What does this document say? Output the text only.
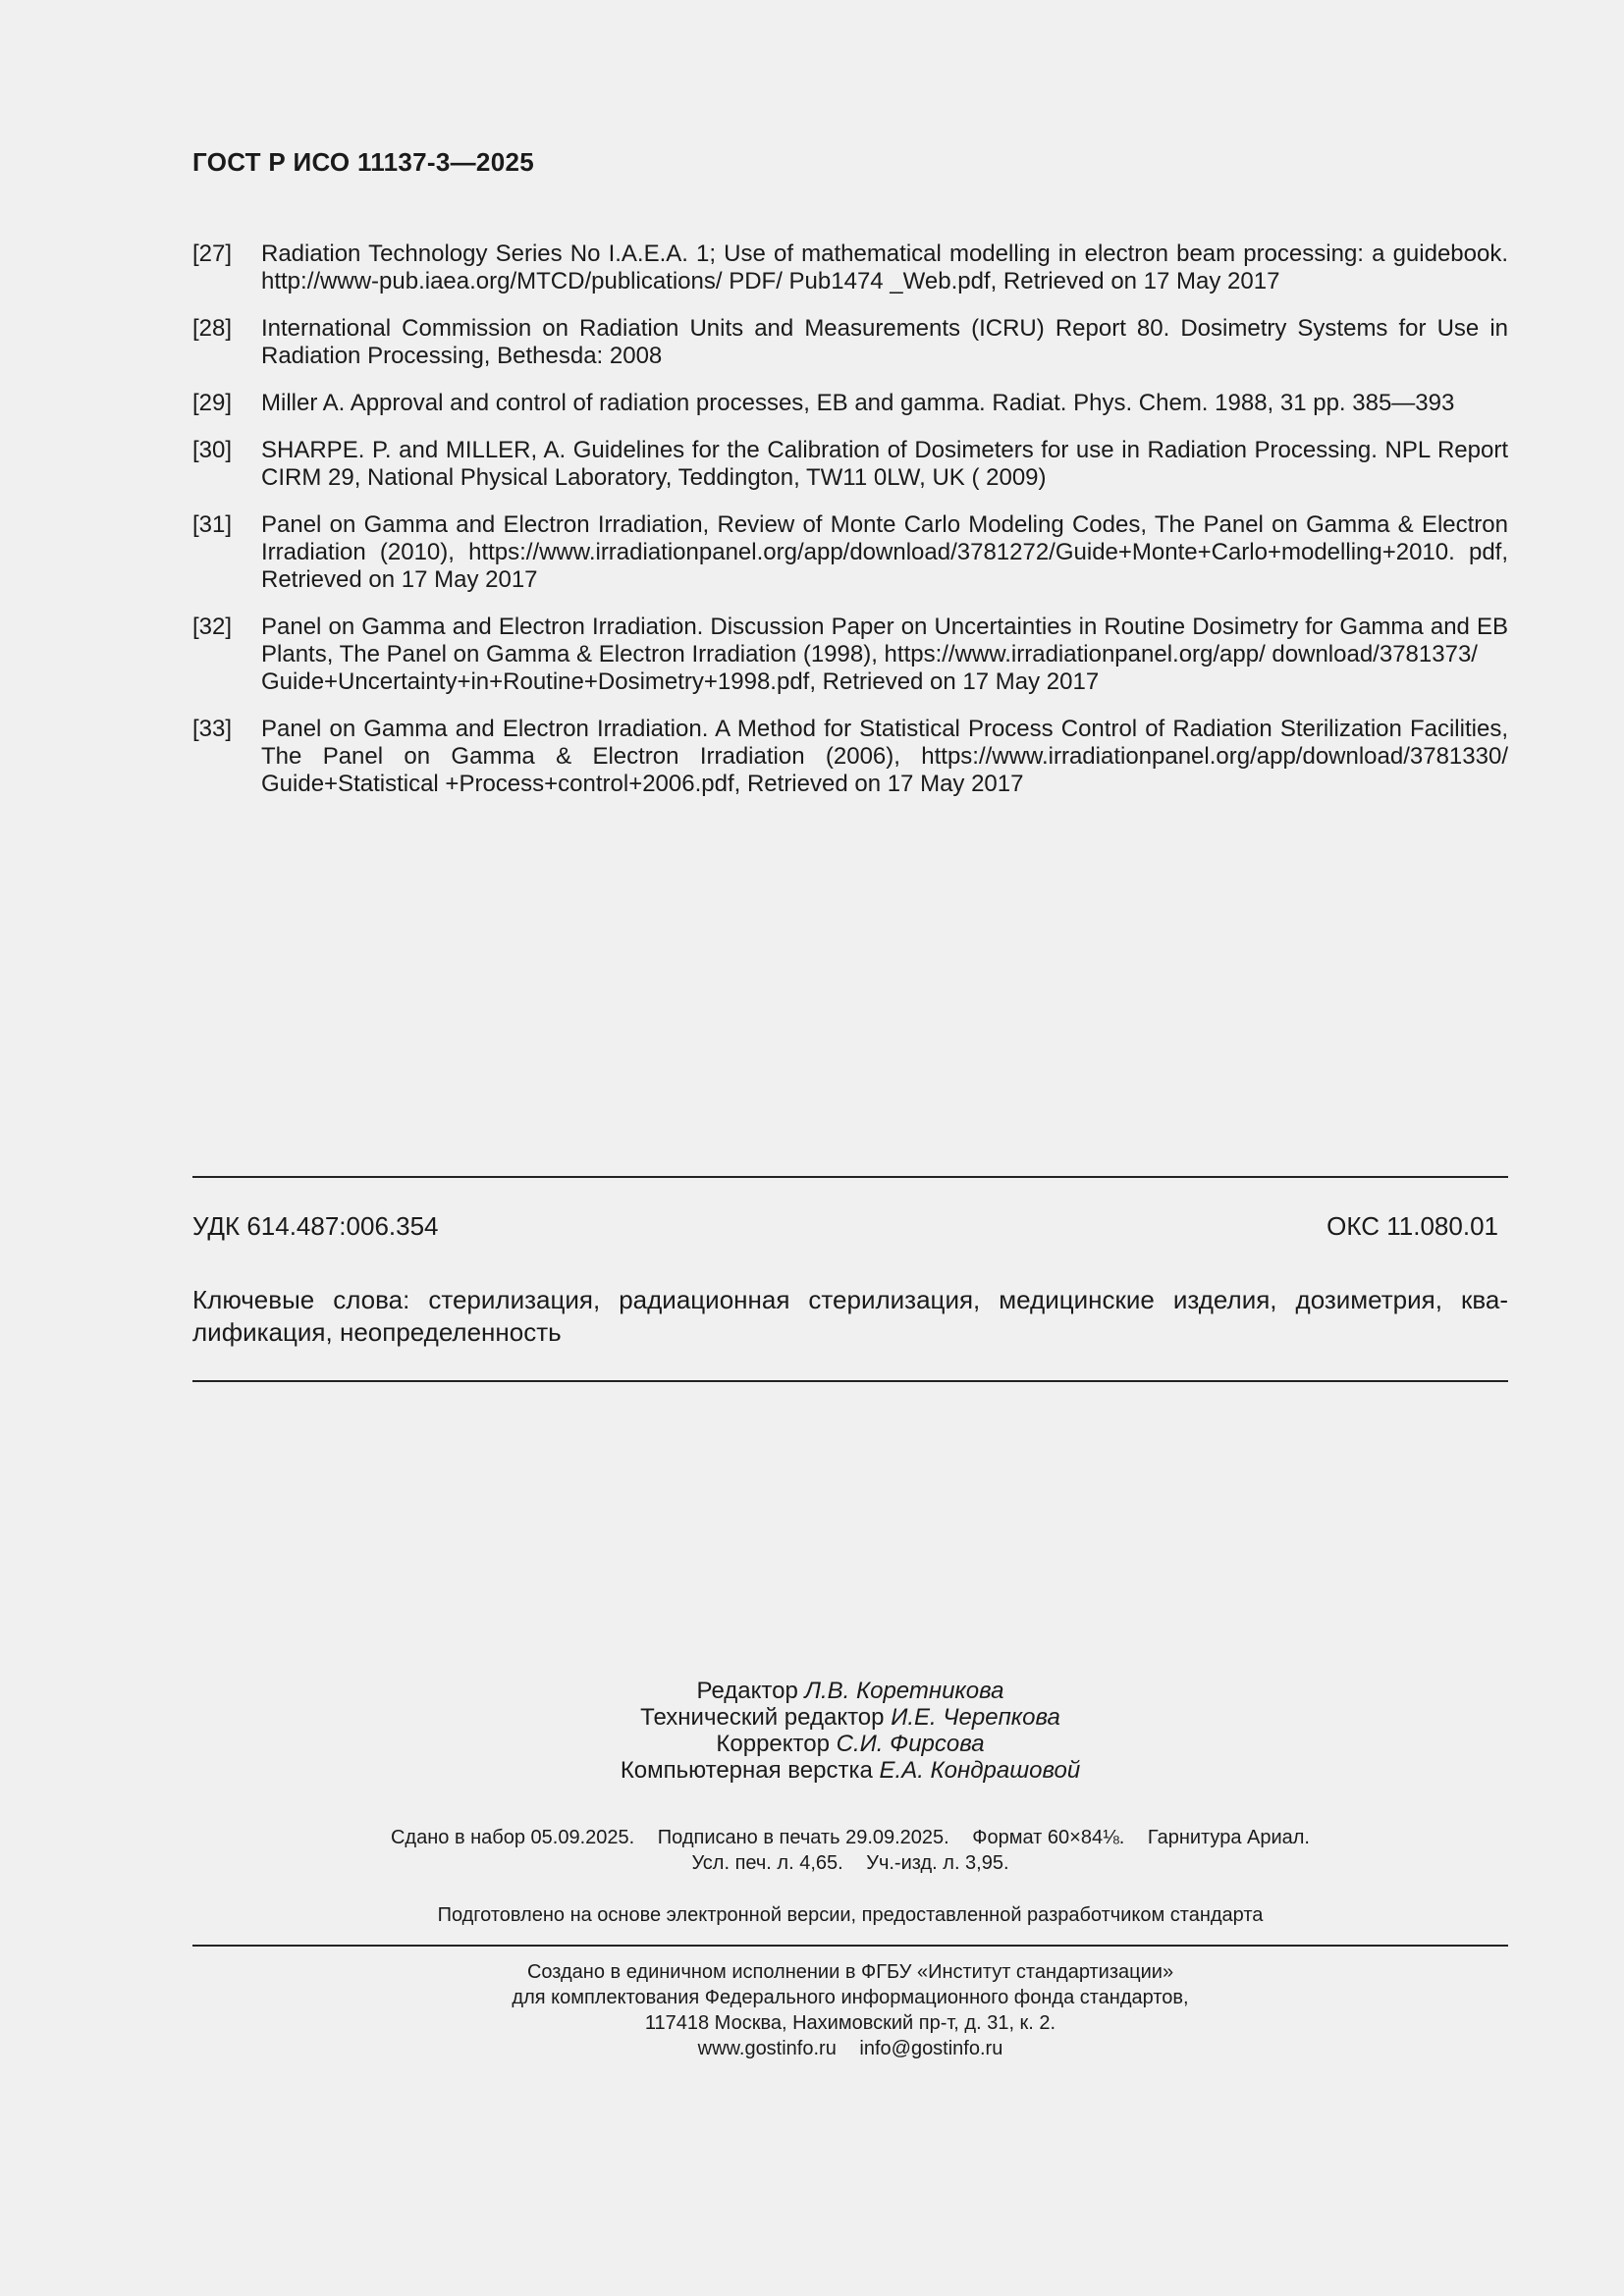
ГОСТ Р ИСО 11137-3—2025
[27]	Radiation Technology Series No I.A.E.A. 1; Use of mathematical modelling in electron beam processing: a guidebook. http://www-pub.iaea.org/MTCD/publications/ PDF/ Pub1474 _Web.pdf, Retrieved on 17 May 2017
[28]	International Commission on Radiation Units and Measurements (ICRU) Report 80. Dosimetry Systems for Use in Radiation Processing, Bethesda: 2008
[29]	Miller A. Approval and control of radiation processes, EB and gamma. Radiat. Phys. Chem. 1988, 31 pp. 385—393
[30]	SHARPE. P. and MILLER, A. Guidelines for the Calibration of Dosimeters for use in Radiation Processing. NPL Report CIRM 29, National Physical Laboratory, Teddington, TW11 0LW, UK ( 2009)
[31]	Panel on Gamma and Electron Irradiation, Review of Monte Carlo Modeling Codes, The Panel on Gamma & Electron Irradiation (2010), https://www.irradiationpanel.org/app/download/3781272/Guide+Monte+Carlo+modelling+2010. pdf, Retrieved on 17 May 2017
[32]	Panel on Gamma and Electron Irradiation. Discussion Paper on Uncertainties in Routine Dosimetry for Gamma and EB Plants, The Panel on Gamma & Electron Irradiation (1998), https://www.irradiationpanel.org/app/ download/3781373/
Guide+Uncertainty+in+Routine+Dosimetry+1998.pdf, Retrieved on 17 May 2017
[33]	Panel on Gamma and Electron Irradiation. A Method for Statistical Process Control of Radiation Sterilization Facilities, The Panel on Gamma & Electron Irradiation (2006), https://www.irradiationpanel.org/app/download/3781330/ Guide+Statistical +Process+control+2006.pdf, Retrieved on 17 May 2017
УДК 614.487:006.354	ОКС 11.080.01
Ключевые слова: стерилизация, радиационная стерилизация, медицинские изделия, дозиметрия, ква-лификация, неопределенность
Редактор Л.В. Коретникова
Технический редактор И.Е. Черепкова
Корректор С.И. Фирсова
Компьютерная верстка Е.А. Кондрашовой
Сдано в набор 05.09.2025. Подписано в печать 29.09.2025. Формат 60×84⅛. Гарнитура Ариал.
Усл. печ. л. 4,65. Уч.-изд. л. 3,95.
Подготовлено на основе электронной версии, предоставленной разработчиком стандарта
Создано в единичном исполнении в ФГБУ «Институт стандартизации»
для комплектования Федерального информационного фонда стандартов,
117418 Москва, Нахимовский пр-т, д. 31, к. 2.
www.gostinfo.ru info@gostinfo.ru
